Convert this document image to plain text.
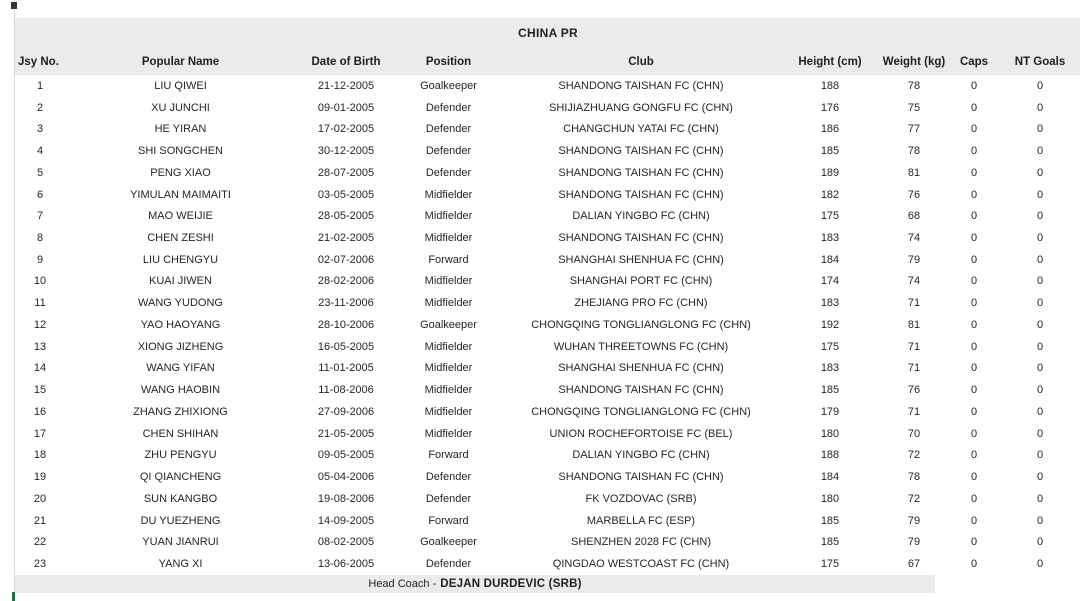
CHINA PR								
Jsy No.	Popular Name	Date of Birth	Position	Club	Height (cm)	Weight (kg)	Caps	NT Goals
1	LIU QIWEI	21-12-2005	Goalkeeper	SHANDONG TAISHAN FC (CHN)	188	78	0	0
2	XU JUNCHI	09-01-2005	Defender	SHIJIAZHUANG GONGFU FC (CHN)	176	75	0	0
3	HE YIRAN	17-02-2005	Defender	CHANGCHUN YATAI FC (CHN)	186	77	0	0
4	SHI SONGCHEN	30-12-2005	Defender	SHANDONG TAISHAN FC (CHN)	185	78	0	0
5	PENG XIAO	28-07-2005	Defender	SHANDONG TAISHAN FC (CHN)	189	81	0	0
6	YIMULAN MAIMAITI	03-05-2005	Midfielder	SHANDONG TAISHAN FC (CHN)	182	76	0	0
7	MAO WEIJIE	28-05-2005	Midfielder	DALIAN YINGBO FC (CHN)	175	68	0	0
8	CHEN ZESHI	21-02-2005	Midfielder	SHANDONG TAISHAN FC (CHN)	183	74	0	0
9	LIU CHENGYU	02-07-2006	Forward	SHANGHAI SHENHUA FC (CHN)	184	79	0	0
10	KUAI JIWEN	28-02-2006	Midfielder	SHANGHAI PORT FC (CHN)	174	74	0	0
11	WANG YUDONG	23-11-2006	Midfielder	ZHEJIANG PRO FC (CHN)	183	71	0	0
12	YAO HAOYANG	28-10-2006	Goalkeeper	CHONGQING TONGLIANGLONG FC (CHN)	192	81	0	0
13	XIONG JIZHENG	16-05-2005	Midfielder	WUHAN THREETOWNS FC (CHN)	175	71	0	0
14	WANG YIFAN	11-01-2005	Midfielder	SHANGHAI SHENHUA FC (CHN)	183	71	0	0
15	WANG HAOBIN	11-08-2006	Midfielder	SHANDONG TAISHAN FC (CHN)	185	76	0	0
16	ZHANG ZHIXIONG	27-09-2006	Midfielder	CHONGQING TONGLIANGLONG FC (CHN)	179	71	0	0
17	CHEN SHIHAN	21-05-2005	Midfielder	UNION ROCHEFORTOISE FC (BEL)	180	70	0	0
18	ZHU PENGYU	09-05-2005	Forward	DALIAN YINGBO FC (CHN)	188	72	0	0
19	QI QIANCHENG	05-04-2006	Defender	SHANDONG TAISHAN FC (CHN)	184	78	0	0
20	SUN KANGBO	19-08-2006	Defender	FK VOZDOVAC (SRB)	180	72	0	0
21	DU YUEZHENG	14-09-2005	Forward	MARBELLA FC (ESP)	185	79	0	0
22	YUAN JIANRUI	08-02-2005	Goalkeeper	SHENZHEN 2028 FC (CHN)	185	79	0	0
23	YANG XI	13-06-2005	Defender	QINGDAO WESTCOAST FC (CHN)	175	67	0	0
Head Coach - DEJAN DURDEVIC (SRB)
